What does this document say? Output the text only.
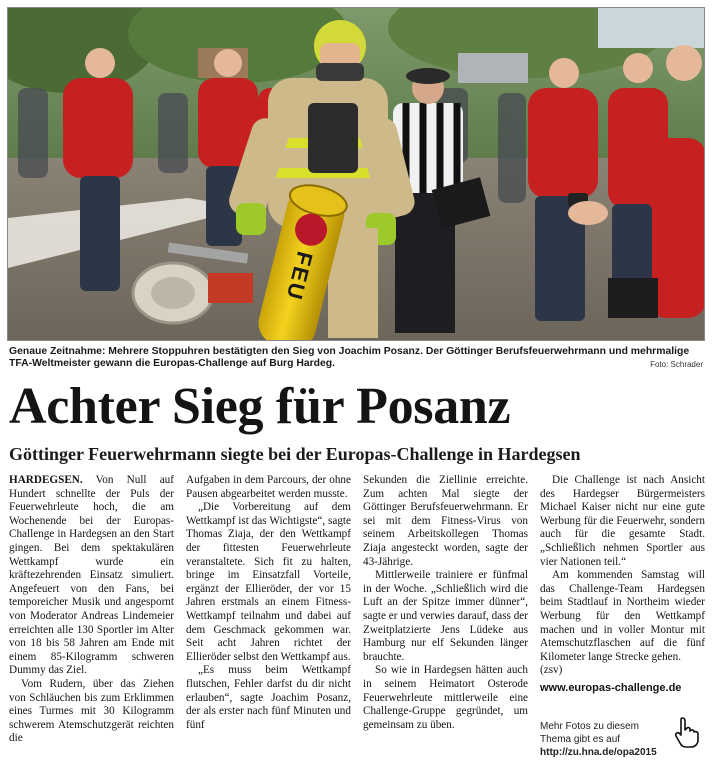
FEU
Genaue Zeitnahme: Mehrere Stoppuhren bestätigten den Sieg von Joachim Posanz. Der Göttinger Berufsfeuerwehrmann und mehrmalige TFA-Weltmeister gewann die Europas-Challenge auf Burg Hardeg.	Foto: Schrader
Achter Sieg für Posanz
Göttinger Feuerwehrmann siegte bei der Europas-Challenge in Hardegsen

HARDEGSEN. Von Null auf Hundert schnellte der Puls der Feuerwehrleute hoch, die am Wochenende bei der Europas-Challenge in Hardegsen an den Start gingen. Bei dem spektakulären Wettkampf wurde ein kräftezehrenden Einsatz simuliert. Angefeuert von den Fans, bei temporeicher Musik und angespornt von Moderator Andreas Lindemeier erreichten alle 130 Sportler im Alter von 18 bis 58 Jahren am Ende mit einem 85-Kilogramm schweren Dummy das Ziel.

Vom Rudern, über das Ziehen von Schläuchen bis zum Erklimmen eines Turmes mit 30 Kilogramm schwerem Atemschutzgerät reichten die

Aufgaben in dem Parcours, der ohne Pausen abgearbeitet werden musste.

„Die Vorbereitung auf dem Wettkampf ist das Wichtigste“, sagte Thomas Ziaja, der den Wettkampf der fittesten Feuerwehrleute veranstaltete. Sich fit zu halten, bringe im Einsatzfall Vorteile, ergänzt der Ellieröder, der vor 15 Jahren erstmals an einem Fitness-Wettkampf teilnahm und dabei auf dem Geschmack gekommen war. Seit acht Jahren richtet der Ellieröder selbst den Wettkampf aus.

„Es muss beim Wettkampf flutschen, Fehler darfst du dir nicht erlauben“, sagte Joachim Posanz, der als erster nach fünf Minuten und fünf

Sekunden die Ziellinie erreichte. Zum achten Mal siegte der Göttinger Berufsfeuerwehrmann. Er sei mit dem Fitness-Virus von seinem Arbeitskollegen Thomas Ziaja angesteckt worden, sagte der 43-Jährige.

Mittlerweile trainiere er fünfmal in der Woche. „Schließlich wird die Luft an der Spitze immer dünner“, sagte er und verwies darauf, dass der Zweitplatzierte Jens Lüdeke aus Hamburg nur elf Sekunden länger brauchte.

So wie in Hardegsen hätten auch in seinem Heimatort Osterode Feuerwehrleute mittlerweile eine Challenge-Gruppe gegründet, um gemeinsam zu üben.

Die Challenge ist nach Ansicht des Hardegser Bürgermeisters Michael Kaiser nicht nur eine gute Werbung für die Feuerwehr, sondern auch für die gesamte Stadt. „Schließlich nehmen Sportler aus vier Nationen teil.“

Am kommenden Samstag will das Challenge-Team Hardegsen beim Stadtlauf in Northeim wieder Werbung für den Wettkampf machen und in voller Montur mit Atemschutzflaschen auf die fünf Kilometer lange Strecke gehen.

(zsv)

www.europas-challenge.de

Mehr Fotos zu diesem
Thema gibt es auf
http://zu.hna.de/opa2015
